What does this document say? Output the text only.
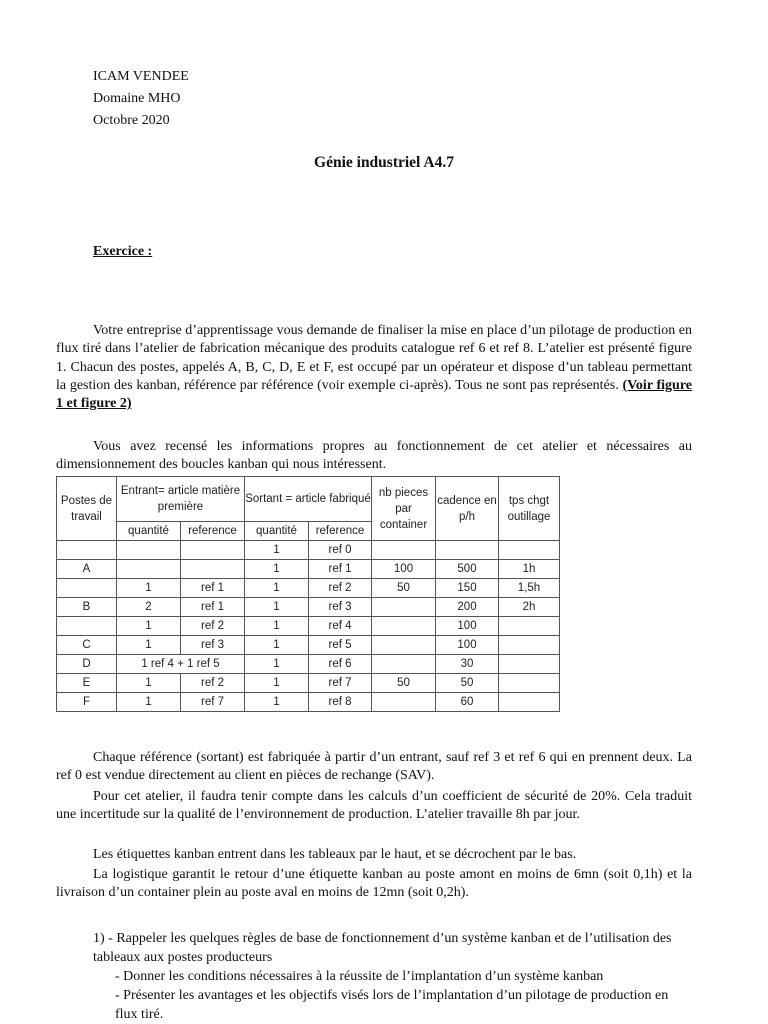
ICAM VENDEE
Domaine MHO
Octobre 2020
Génie industriel A4.7
Exercice :
Votre entreprise d’apprentissage vous demande de finaliser la mise en place d’un pilotage de production en flux tiré dans l’atelier de fabrication mécanique des produits catalogue ref 6 et ref 8. L’atelier est présenté figure 1. Chacun des postes, appelés A, B, C, D, E et F, est occupé par un opérateur et dispose d’un tableau permettant la gestion des kanban, référence par référence (voir exemple ci-après). Tous ne sont pas représentés. (Voir figure 1 et figure 2)
Vous avez recensé les informations propres au fonctionnement de cet atelier et nécessaires au dimensionnement des boucles kanban qui nous intéressent.
Postes de travail	Entrant= article matière première		Sortant = article fabriqué		nb pieces par container	cadence en p/h	tps chgt outillage
	quantité	reference	quantité	reference			
			1	ref 0			
A			1	ref 1	100	500	1h
	1	ref 1	1	ref 2	50	150	1,5h
B	2	ref 1	1	ref 3		200	2h
	1	ref 2	1	ref 4		100	
C	1	ref 3	1	ref 5		100	
D	1 ref 4 + 1 ref 5		1	ref 6		30	
E	1	ref 2	1	ref 7	50	50	
F	1	ref 7	1	ref 8		60	
Chaque référence (sortant) est fabriquée à partir d’un entrant, sauf ref 3 et ref 6 qui en prennent deux. La ref 0 est vendue directement au client en pièces de rechange (SAV).
Pour cet atelier, il faudra tenir compte dans les calculs d’un coefficient de sécurité de 20%. Cela traduit une incertitude sur la qualité de l’environnement de production. L’atelier travaille 8h par jour.
Les étiquettes kanban entrent dans les tableaux par le haut, et se décrochent par le bas.
La logistique garantit le retour d’une étiquette kanban au poste amont en moins de 6mn (soit 0,1h) et la livraison d’un container plein au poste aval en moins de 12mn (soit 0,2h).
1) - Rappeler les quelques règles de base de fonctionnement d’un système kanban et de l’utilisation des tableaux aux postes producteurs
- Donner les conditions nécessaires à la réussite de l’implantation d’un système kanban
- Présenter les avantages et les objectifs visés lors de l’implantation d’un pilotage de production en flux tiré.
